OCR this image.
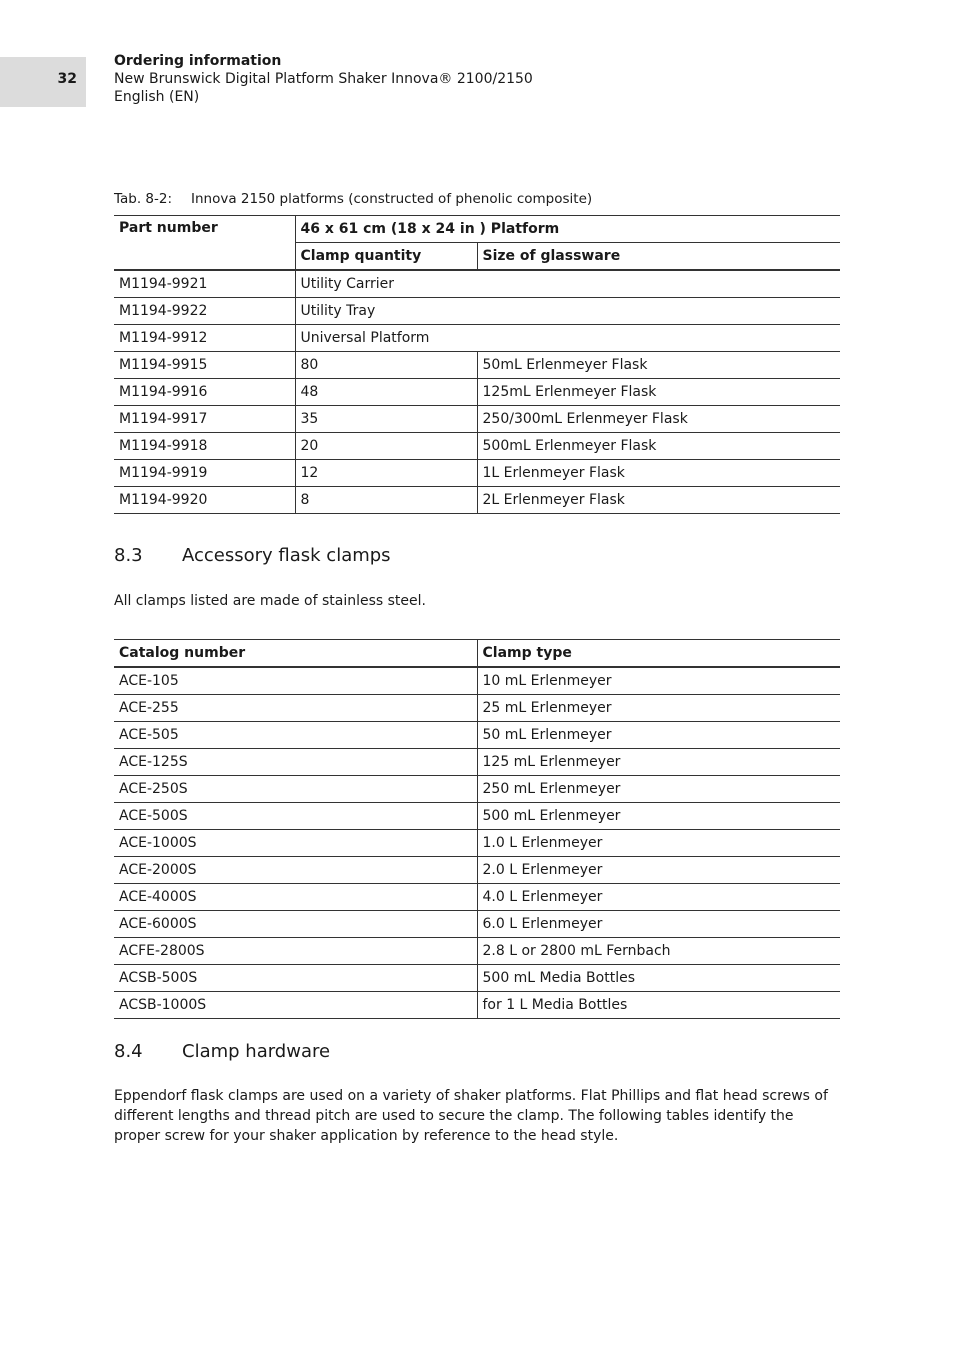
32
Ordering information
New Brunswick Digital Platform Shaker Innova® 2100/2150
English (EN)
Tab. 8-2: Innova 2150 platforms (constructed of phenolic composite)
Part number	46 x 61 cm (18 x 24 in ) Platform	
	Clamp quantity	Size of glassware
M1194-9921	Utility Carrier	
M1194-9922	Utility Tray	
M1194-9912	Universal Platform	
M1194-9915	80	50mL Erlenmeyer Flask
M1194-9916	48	125mL Erlenmeyer Flask
M1194-9917	35	250/300mL Erlenmeyer Flask
M1194-9918	20	500mL Erlenmeyer Flask
M1194-9919	12	1L Erlenmeyer Flask
M1194-9920	8	2L Erlenmeyer Flask
8.3 Accessory flask clamps
All clamps listed are made of stainless steel.
Catalog number	Clamp type
ACE-105	10 mL Erlenmeyer
ACE-255	25 mL Erlenmeyer
ACE-505	50 mL Erlenmeyer
ACE-125S	125 mL Erlenmeyer
ACE-250S	250 mL Erlenmeyer
ACE-500S	500 mL Erlenmeyer
ACE-1000S	1.0 L Erlenmeyer
ACE-2000S	2.0 L Erlenmeyer
ACE-4000S	4.0 L Erlenmeyer
ACE-6000S	6.0 L Erlenmeyer
ACFE-2800S	2.8 L or 2800 mL Fernbach
ACSB-500S	500 mL Media Bottles
ACSB-1000S	for 1 L Media Bottles
8.4 Clamp hardware
Eppendorf flask clamps are used on a variety of shaker platforms. Flat Phillips and flat head screws of different lengths and thread pitch are used to secure the clamp. The following tables identify the proper screw for your shaker application by reference to the head style.
